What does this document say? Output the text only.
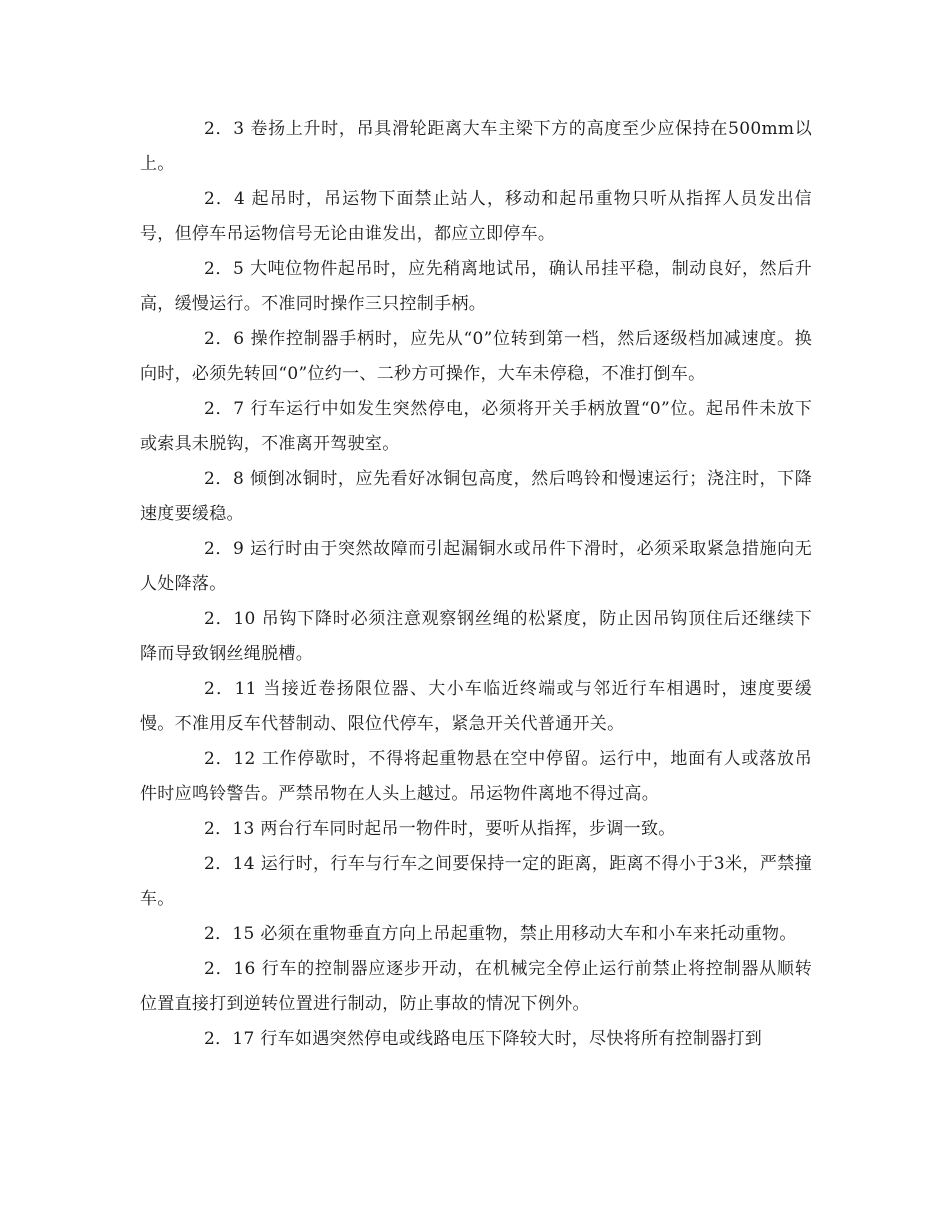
2．3 卷扬上升时，吊具滑轮距离大车主梁下方的高度至少应保持在500mm以上。

2．4 起吊时，吊运物下面禁止站人，移动和起吊重物只听从指挥人员发出信号，但停车吊运物信号无论由谁发出，都应立即停车。

2．5 大吨位物件起吊时，应先稍离地试吊，确认吊挂平稳，制动良好，然后升高，缓慢运行。不准同时操作三只控制手柄。

2．6 操作控制器手柄时，应先从“0”位转到第一档，然后逐级档加减速度。换向时，必须先转回“0”位约一、二秒方可操作，大车未停稳，不准打倒车。

2．7 行车运行中如发生突然停电，必须将开关手柄放置“0”位。起吊件未放下或索具未脱钩，不准离开驾驶室。

2．8 倾倒冰铜时，应先看好冰铜包高度，然后鸣铃和慢速运行；浇注时，下降速度要缓稳。

2．9 运行时由于突然故障而引起漏铜水或吊件下滑时，必须采取紧急措施向无人处降落。

2．10 吊钩下降时必须注意观察钢丝绳的松紧度，防止因吊钩顶住后还继续下降而导致钢丝绳脱槽。

2．11 当接近卷扬限位器、大小车临近终端或与邻近行车相遇时，速度要缓慢。不准用反车代替制动、限位代停车，紧急开关代普通开关。

2．12 工作停歇时，不得将起重物悬在空中停留。运行中，地面有人或落放吊件时应鸣铃警告。严禁吊物在人头上越过。吊运物件离地不得过高。

2．13 两台行车同时起吊一物件时，要听从指挥，步调一致。

2．14 运行时，行车与行车之间要保持一定的距离，距离不得小于3米，严禁撞车。

2．15 必须在重物垂直方向上吊起重物，禁止用移动大车和小车来托动重物。

2．16 行车的控制器应逐步开动，在机械完全停止运行前禁止将控制器从顺转位置直接打到逆转位置进行制动，防止事故的情况下例外。

2．17 行车如遇突然停电或线路电压下降较大时，尽快将所有控制器打到
